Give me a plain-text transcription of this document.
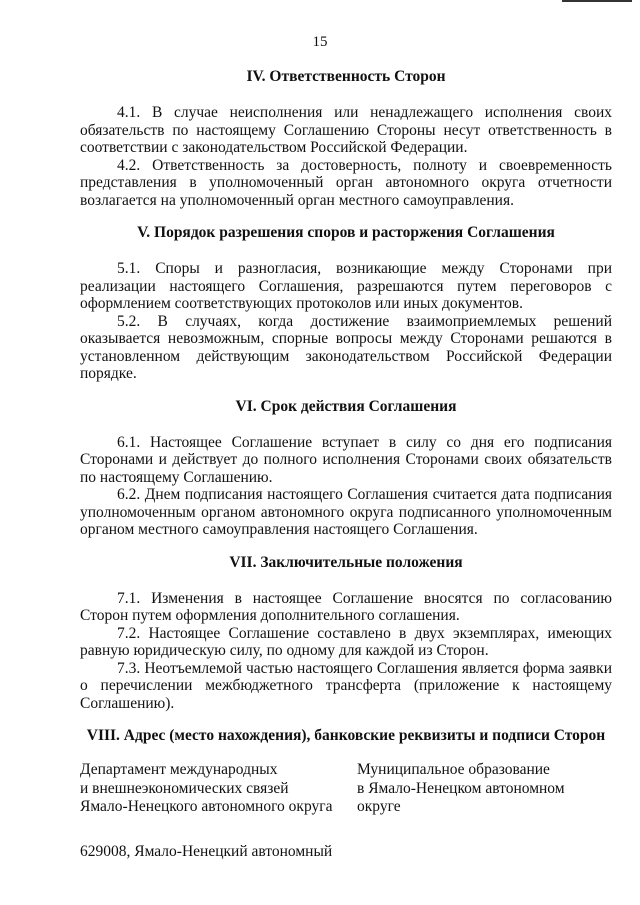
15
IV. Ответственность Сторон

4.1. В случае неисполнения или ненадлежащего исполнения своих обязательств по настоящему Соглашению Стороны несут ответственность в соответствии с законодательством Российской Федерации.

4.2. Ответственность за достоверность, полноту и своевременность представления в уполномоченный орган автономного округа отчетности возлагается на уполномоченный орган местного самоуправления.

V. Порядок разрешения споров и расторжения Соглашения

5.1. Споры и разногласия, возникающие между Сторонами при реализации настоящего Соглашения, разрешаются путем переговоров с оформлением соответствующих протоколов или иных документов.

5.2. В случаях, когда достижение взаимоприемлемых решений оказывается невозможным, спорные вопросы между Сторонами решаются в установленном действующим законодательством Российской Федерации порядке.

VI. Срок действия Соглашения

6.1. Настоящее Соглашение вступает в силу со дня его подписания Сторонами и действует до полного исполнения Сторонами своих обязательств по настоящему Соглашению.

6.2. Днем подписания настоящего Соглашения считается дата подписания уполномоченным органом автономного округа подписанного уполномоченным органом местного самоуправления настоящего Соглашения.

VII. Заключительные положения

7.1. Изменения в настоящее Соглашение вносятся по согласованию Сторон путем оформления дополнительного соглашения.

7.2. Настоящее Соглашение составлено в двух экземплярах, имеющих равную юридическую силу, по одному для каждой из Сторон.

7.3. Неотъемлемой частью настоящего Соглашения является форма заявки о перечислении межбюджетного трансферта (приложение к настоящему Соглашению).

VIII. Адрес (место нахождения), банковские реквизиты и подписи Сторон
Департамент международных
и внешнеэкономических связей
Ямало-Ненецкого автономного округа
Муниципальное образование
в Ямало-Ненецком автономном
округе
629008, Ямало-Ненецкий автономный
